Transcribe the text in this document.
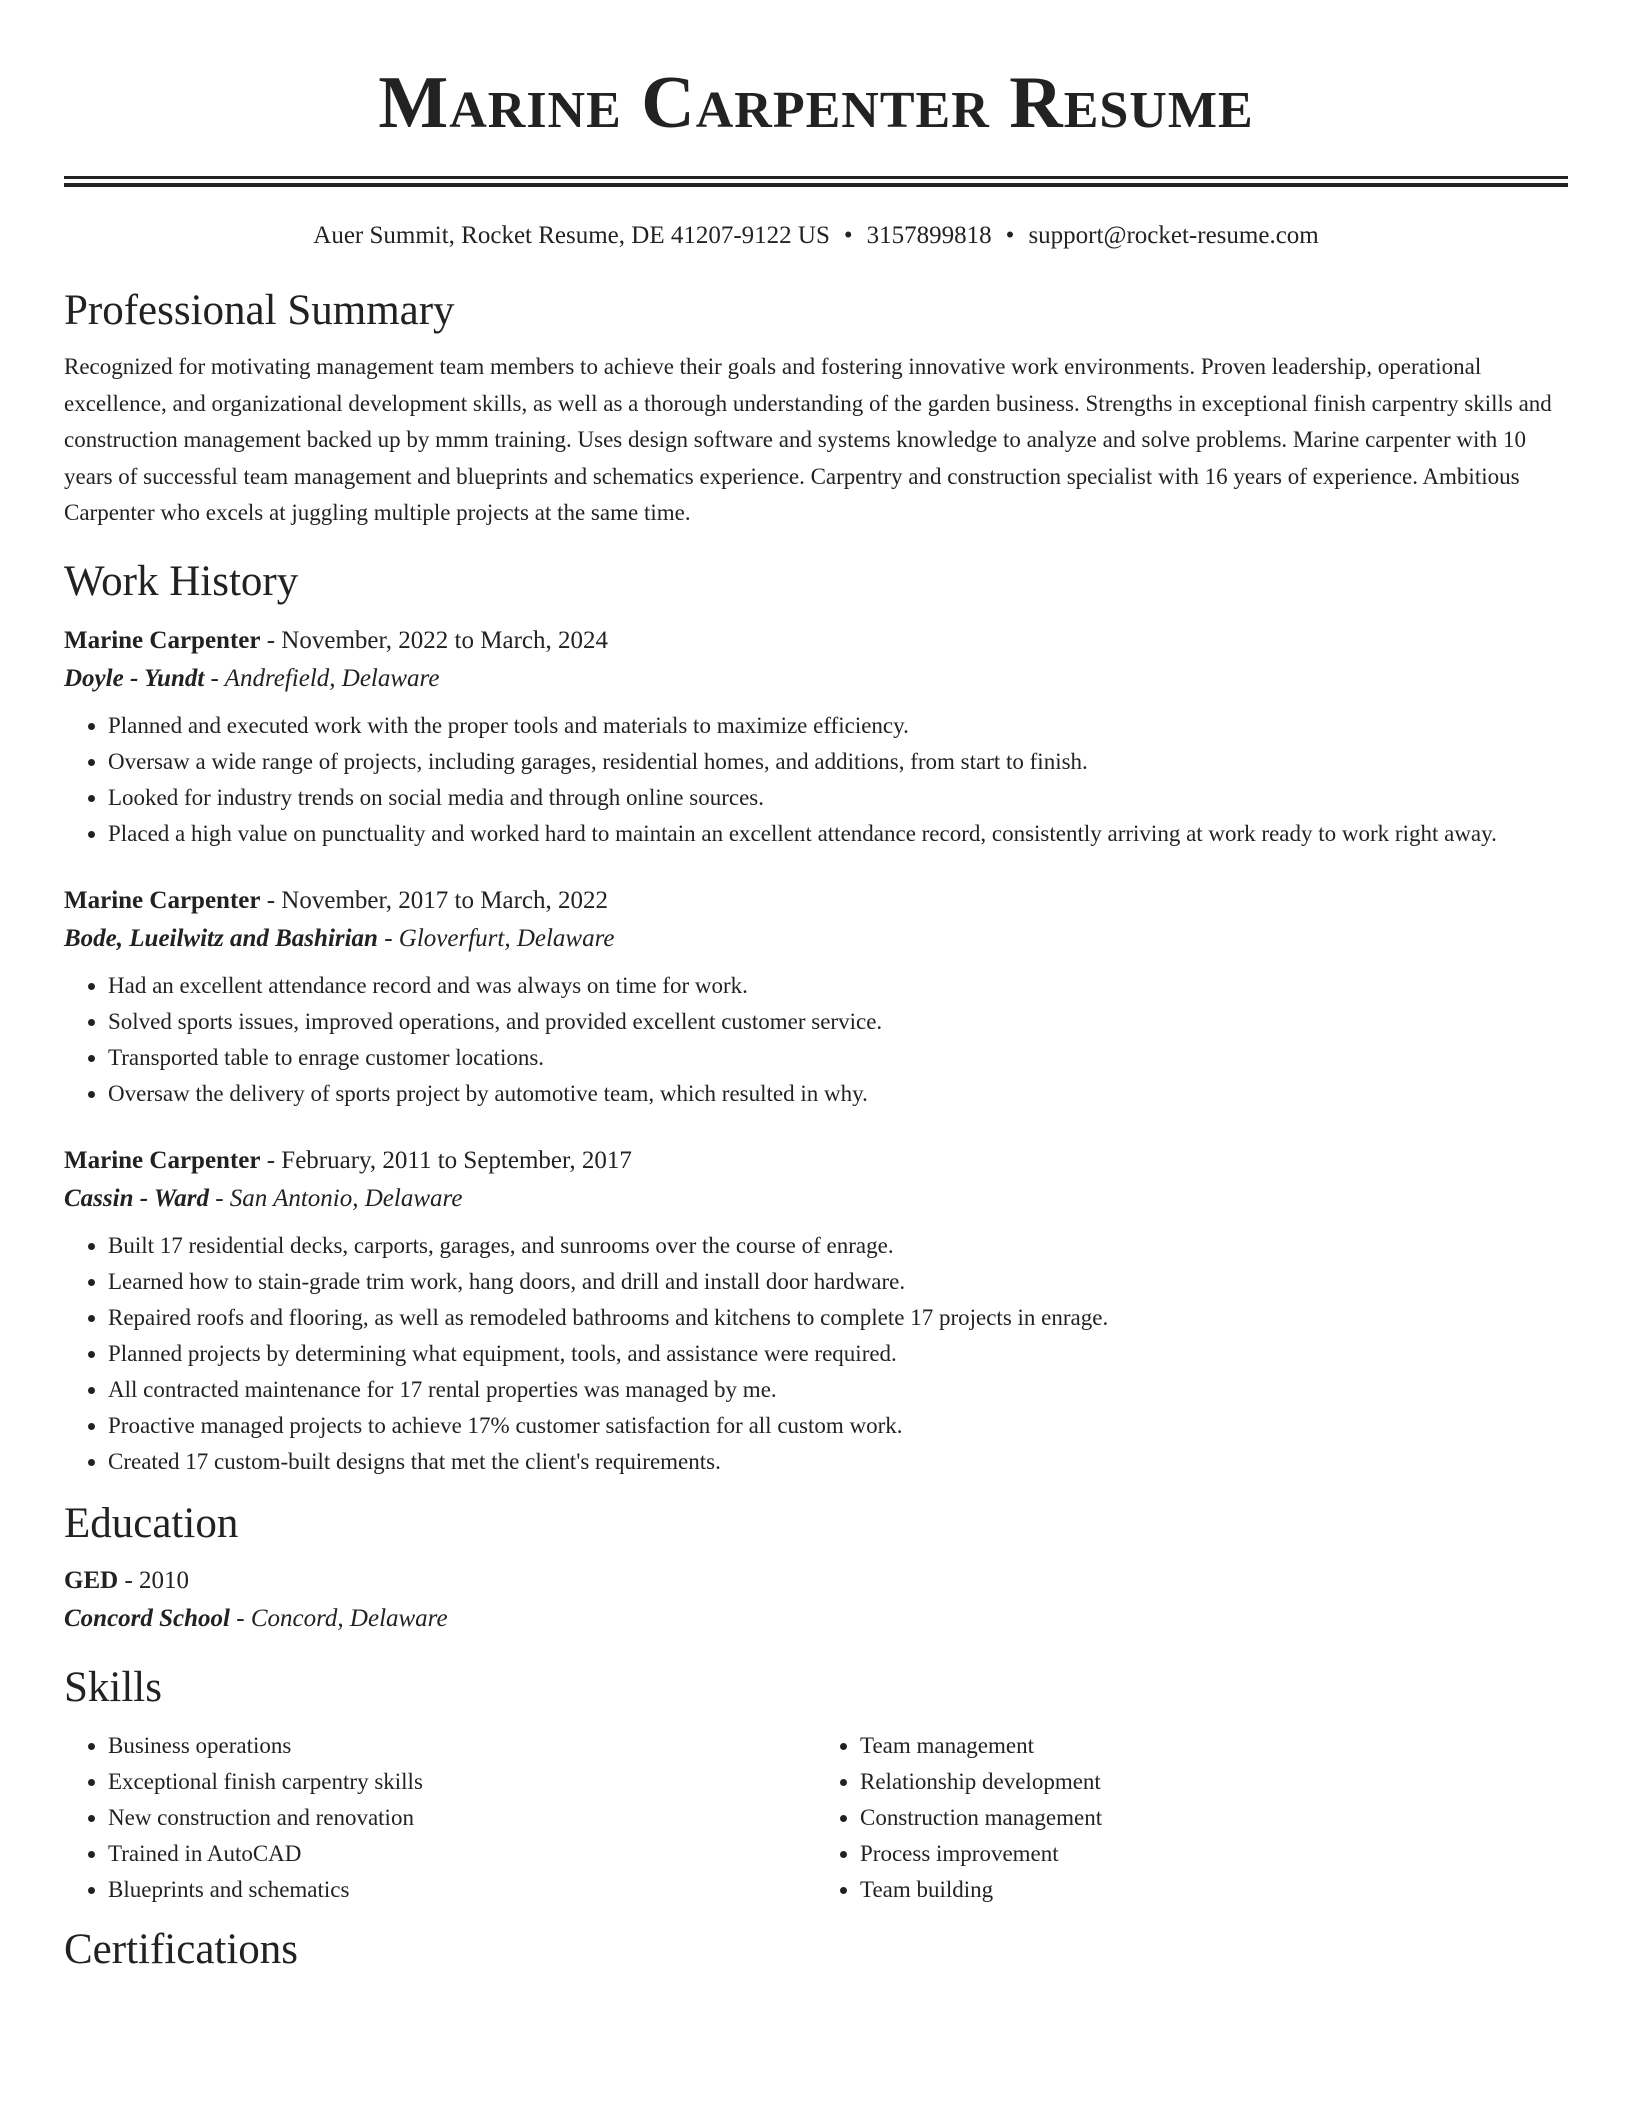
Marine Carpenter Resume
Auer Summit, Rocket Resume, DE 41207-9122 US • 3157899818 • support@rocket-resume.com
Professional Summary
Recognized for motivating management team members to achieve their goals and fostering innovative work environments. Proven leadership, operational excellence, and organizational development skills, as well as a thorough understanding of the garden business. Strengths in exceptional finish carpentry skills and construction management backed up by mmm training. Uses design software and systems knowledge to analyze and solve problems. Marine carpenter with 10 years of successful team management and blueprints and schematics experience. Carpentry and construction specialist with 16 years of experience. Ambitious Carpenter who excels at juggling multiple projects at the same time.
Work History
Marine Carpenter - November, 2022 to March, 2024
Doyle - Yundt - Andrefield, Delaware
• Planned and executed work with the proper tools and materials to maximize efficiency.
• Oversaw a wide range of projects, including garages, residential homes, and additions, from start to finish.
• Looked for industry trends on social media and through online sources.
• Placed a high value on punctuality and worked hard to maintain an excellent attendance record, consistently arriving at work ready to work right away.
Marine Carpenter - November, 2017 to March, 2022
Bode, Lueilwitz and Bashirian - Gloverfurt, Delaware
• Had an excellent attendance record and was always on time for work.
• Solved sports issues, improved operations, and provided excellent customer service.
• Transported table to enrage customer locations.
• Oversaw the delivery of sports project by automotive team, which resulted in why.
Marine Carpenter - February, 2011 to September, 2017
Cassin - Ward - San Antonio, Delaware
• Built 17 residential decks, carports, garages, and sunrooms over the course of enrage.
• Learned how to stain-grade trim work, hang doors, and drill and install door hardware.
• Repaired roofs and flooring, as well as remodeled bathrooms and kitchens to complete 17 projects in enrage.
• Planned projects by determining what equipment, tools, and assistance were required.
• All contracted maintenance for 17 rental properties was managed by me.
• Proactive managed projects to achieve 17% customer satisfaction for all custom work.
• Created 17 custom-built designs that met the client's requirements.
Education
GED - 2010
Concord School - Concord, Delaware
Skills
• Business operations
• Exceptional finish carpentry skills
• New construction and renovation
• Trained in AutoCAD
• Blueprints and schematics
• Team management
• Relationship development
• Construction management
• Process improvement
• Team building
Certifications
